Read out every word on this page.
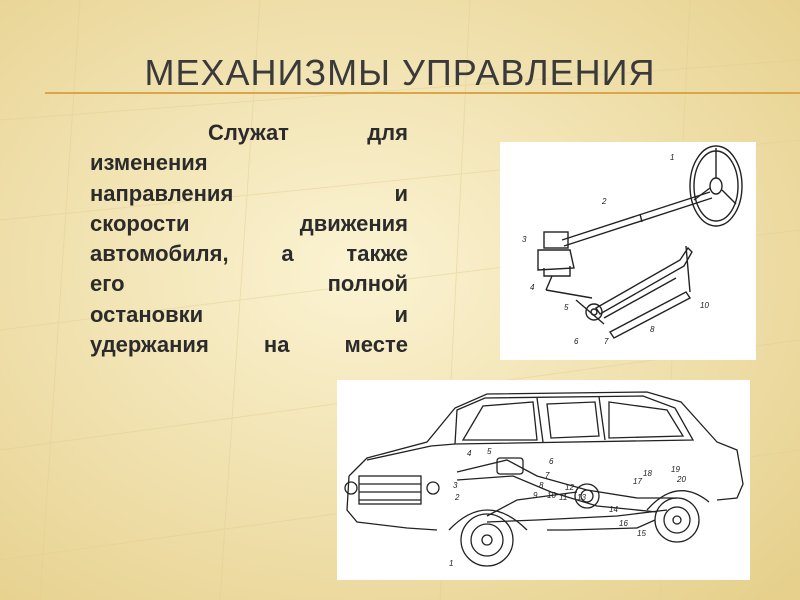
МЕХАНИЗМЫ УПРАВЛЕНИЯ
Служат для
изменения
направления и
скорости движения
автомобиля, а также
его полной
остановки и
удержания на месте
1
2
3
4
5
6	7
8
10
1
2
3
4 5
6
7
8
9 10 11
12
13
14
15
16
17
18 19
20
